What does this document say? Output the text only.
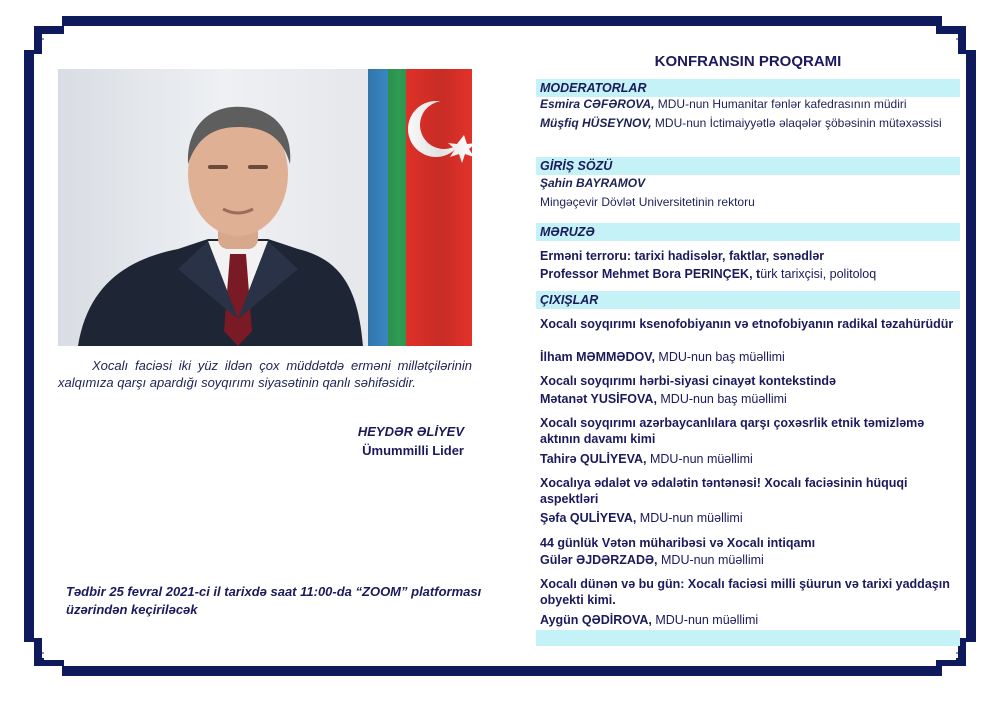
Xocalı faciəsi iki yüz ildən çox müddətdə erməni millətçilərinin xalqımıza qarşı apardığı soyqırımı siyasətinin qanlı səhifəsidir.
HEYDƏR ƏLİYEV
Ümummilli Lider
Tədbir 25 fevral 2021-ci il tarixdə saat 11:00-da “ZOOM” platforması üzərindən keçiriləcək
KONFRANSIN PROQRAMI
MODERATORLAR
Esmira CƏFƏROVA, MDU-nun Humanitar fənlər kafedrasının müdiri
Müşfiq HÜSEYNOV, MDU-nun İctimaiyyətlə əlaqələr şöbəsinin mütəxəssisi
GİRİŞ SÖZÜ
Şahin BAYRAMOV
Mingəçevir Dövlət Universitetinin rektoru
MƏRUZƏ
Erməni terroru: tarixi hadisələr, faktlar, sənədlər
Professor Mehmet Bora PERINÇEK, türk tarixçisi, politoloq
ÇIXIŞLAR
Xocalı soyqırımı ksenofobiyanın və etnofobiyanın radikal təzahürüdür
İlham MƏMMƏDOV, MDU-nun baş müəllimi
Xocalı soyqırımı hərbi-siyasi cinayət kontekstində
Mətanət YUSİFOVA, MDU-nun baş müəllimi
Xocalı soyqırımı azərbaycanlılara qarşı çoxəsrlik etnik təmizləmə aktının davamı kimi
Tahirə QULİYEVA, MDU-nun müəllimi
Xocalıya ədalət və ədalətin təntənəsi! Xocalı faciəsinin hüquqi aspektləri
Şəfa QULİYEVA, MDU-nun müəllimi
44 günlük Vətən müharibəsi və Xocalı intiqamı
Gülər ƏJDƏRZADƏ, MDU-nun müəllimi
Xocalı dünən və bu gün: Xocalı faciəsi milli şüurun və tarixi yaddaşın obyekti kimi.
Aygün QƏDİROVA, MDU-nun müəllimi
